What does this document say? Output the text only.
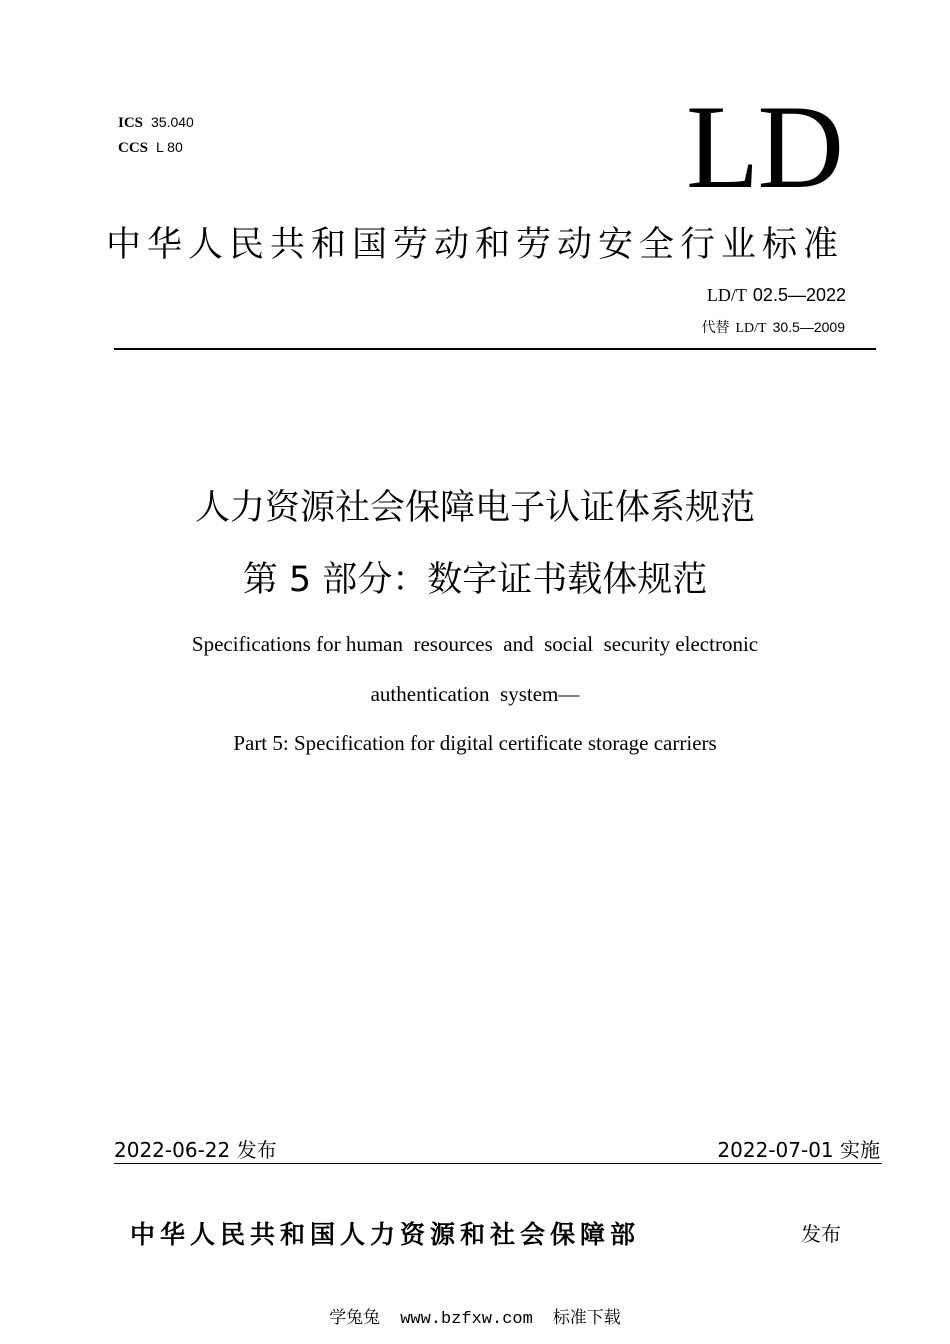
ICS 35.040
CCS L 80	LD
中华人民共和国劳动和劳动安全行业标准
LD/T 02.5—2022
代替 LD/T 30.5—2009
人力资源社会保障电子认证体系规范
第 5 部分：数字证书载体规范
Specifications for human  resources  and  social  security electronic
authentication  system—
Part 5: Specification for digital certificate storage carriers
2022-06-22 发布	2022-07-01 实施
中华人民共和国人力资源和社会保障部	发布
学兔兔 www.bzfxw.com 标准下载
